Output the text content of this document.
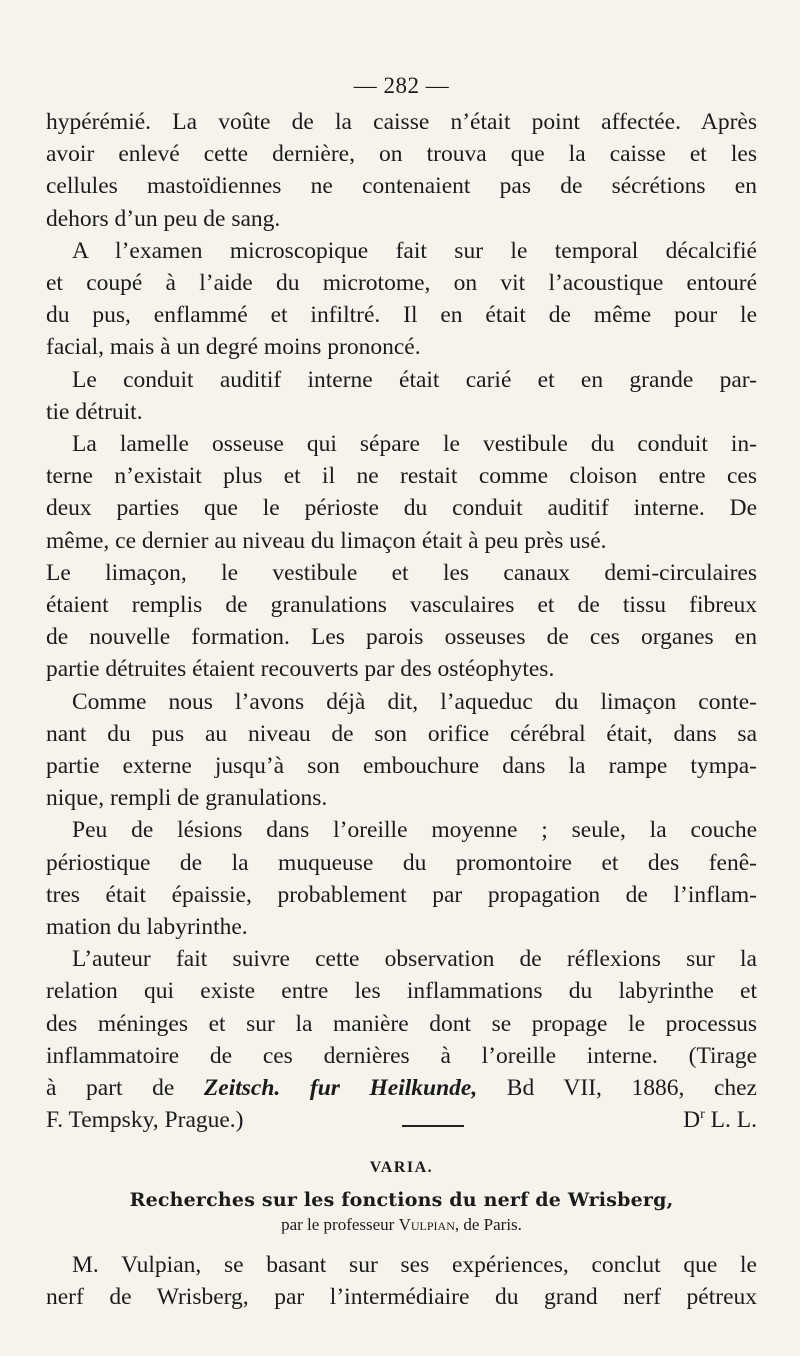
— 282 —

hypérémié. La voûte de la caisse n’était point affectée. Après
avoir enlevé cette dernière, on trouva que la caisse et les
cellules mastoïdiennes ne contenaient pas de sécrétions en
dehors d’un peu de sang.

A l’examen microscopique fait sur le temporal décalcifié
et coupé à l’aide du microtome, on vit l’acoustique entouré
du pus, enflammé et infiltré. Il en était de même pour le
facial, mais à un degré moins prononcé.

Le conduit auditif interne était carié et en grande par-
tie détruit.

La lamelle osseuse qui sépare le vestibule du conduit in-
terne n’existait plus et il ne restait comme cloison entre ces
deux parties que le périoste du conduit auditif interne. De
même, ce dernier au niveau du limaçon était à peu près usé.

Le limaçon, le vestibule et les canaux demi-circulaires
étaient remplis de granulations vasculaires et de tissu fibreux
de nouvelle formation. Les parois osseuses de ces organes en
partie détruites étaient recouverts par des ostéophytes.

Comme nous l’avons déjà dit, l’aqueduc du limaçon conte-
nant du pus au niveau de son orifice cérébral était, dans sa
partie externe jusqu’à son embouchure dans la rampe tympa-
nique, rempli de granulations.

Peu de lésions dans l’oreille moyenne ; seule, la couche
périostique de la muqueuse du promontoire et des fenê-
tres était épaissie, probablement par propagation de l’inflam-
mation du labyrinthe.

L’auteur fait suivre cette observation de réflexions sur la
relation qui existe entre les inflammations du labyrinthe et
des méninges et sur la manière dont se propage le processus
inflammatoire de ces dernières à l’oreille interne. (Tirage

à part de Zeitsch. fur Heilkunde, Bd VII, 1886, chez

F. Tempsky, Prague.)	$D^r$ L. L.
VARIA.
Recherches sur les fonctions du nerf de Wrisberg,
par le professeur Vulpian, de Paris.

M. Vulpian, se basant sur ses expériences, conclut que le
nerf de Wrisberg, par l’intermédiaire du grand nerf pétreux
